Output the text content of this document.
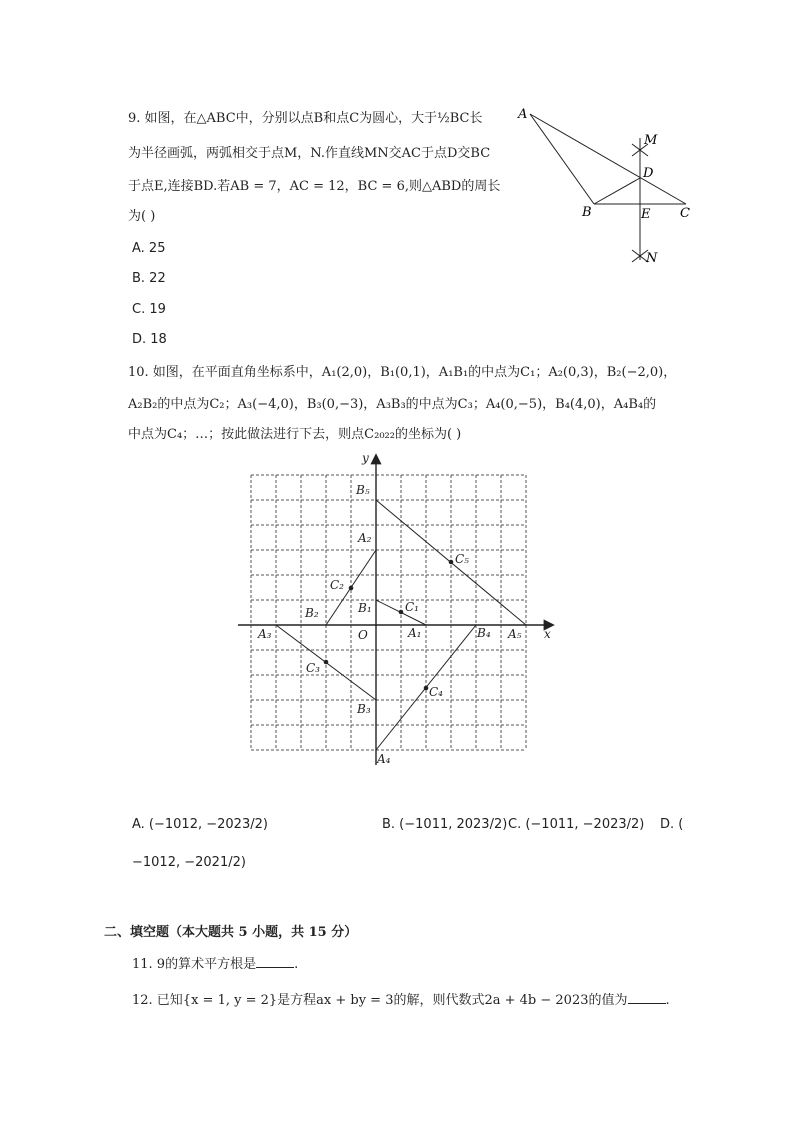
9. 如图，在△ABC中，分别以点B和点C为圆心，大于½BC长
为半径画弧，两弧相交于点M，N.作直线MN交AC于点D交BC
于点E,连接BD.若AB = 7，AC = 12，BC = 6,则△ABD的周长
为( )
A. 25
B. 22
C. 19
D. 18
A
B	C
D
E
M
N
10. 如图，在平面直角坐标系中，A₁(2,0)，B₁(0,1)，A₁B₁的中点为C₁；A₂(0,3)，B₂(−2,0)，
A₂B₂的中点为C₂；A₃(−4,0)，B₃(0,−3)，A₃B₃的中点为C₃；A₄(0,−5)，B₄(4,0)，A₄B₄的
中点为C₄；…；按此做法进行下去，则点C₂₀₂₂的坐标为( )
x
y
O	A₁
A₂
A₃
A₄
A₅
B₁
B₂
B₃
B₄
B₅
C₁
C₂
C₃
C₄
C₅
A. (−1012, −2023/2)	B. (−1011, 2023/2) C. (−1011, −2023/2) D. (
−1012, −2021/2)
二、填空题（本大题共 5 小题，共 15 分）
11. 9的算术平方根是	.
12. 已知{x = 1, y = 2}是方程ax + by = 3的解，则代数式2a + 4b − 2023的值为	.
